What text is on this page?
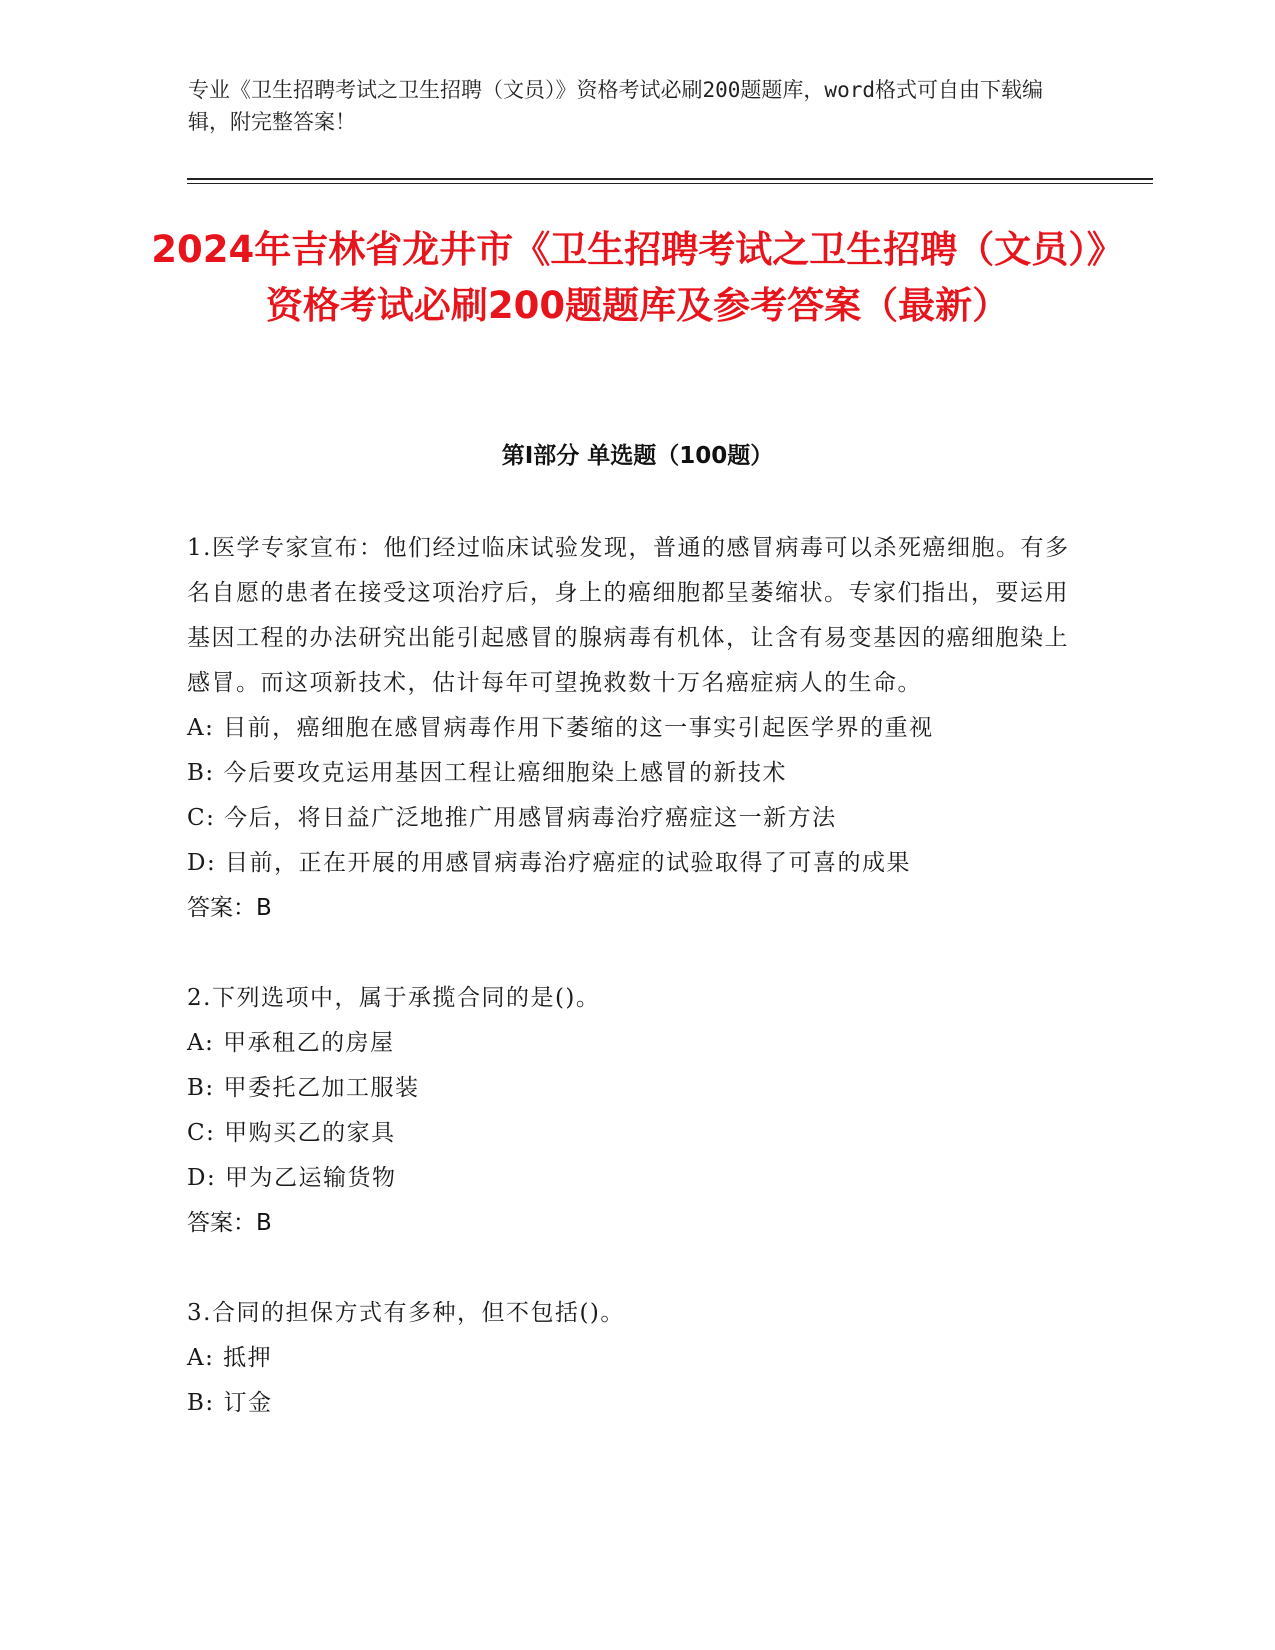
专业《卫生招聘考试之卫生招聘（文员）》资格考试必刷200题题库，word格式可自由下载编辑，附完整答案！

2024年吉林省龙井市《卫生招聘考试之卫生招聘（文员）》资格考试必刷200题题库及参考答案（最新）
第I部分 单选题（100题）

1.医学专家宣布：他们经过临床试验发现，普通的感冒病毒可以杀死癌细胞。有多名自愿的患者在接受这项治疗后，身上的癌细胞都呈萎缩状。专家们指出，要运用基因工程的办法研究出能引起感冒的腺病毒有机体，让含有易变基因的癌细胞染上感冒。而这项新技术，估计每年可望挽救数十万名癌症病人的生命。

A: 目前，癌细胞在感冒病毒作用下萎缩的这一事实引起医学界的重视

B: 今后要攻克运用基因工程让癌细胞染上感冒的新技术

C: 今后，将日益广泛地推广用感冒病毒治疗癌症这一新方法

D: 目前，正在开展的用感冒病毒治疗癌症的试验取得了可喜的成果

答案：B

2.下列选项中，属于承揽合同的是()。

A: 甲承租乙的房屋

B: 甲委托乙加工服装

C: 甲购买乙的家具

D: 甲为乙运输货物

答案：B

3.合同的担保方式有多种，但不包括()。

A: 抵押

B: 订金
